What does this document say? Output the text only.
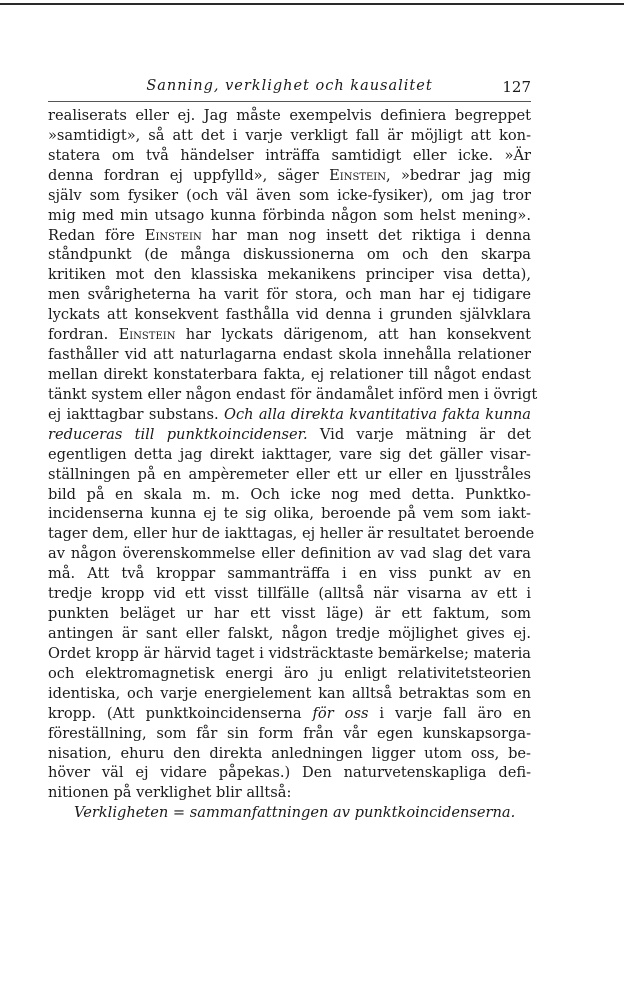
Sanning, verklighet och kausalitet	127
realiserats eller ej. Jag måste exempelvis definiera begreppet
»samtidigt», så att det i varje verkligt fall är möjligt att kon-
statera om två händelser inträffa samtidigt eller icke. »Är
denna fordran ej uppfylld», säger Einstein, »bedrar jag mig
själv som fysiker (och väl även som icke-fysiker), om jag tror
mig med min utsago kunna förbinda någon som helst mening».
Redan före Einstein har man nog insett det riktiga i denna
ståndpunkt (de många diskussionerna om och den skarpa
kritiken mot den klassiska mekanikens principer visa detta),
men svårigheterna ha varit för stora, och man har ej tidigare
lyckats att konsekvent fasthålla vid denna i grunden självklara
fordran. Einstein har lyckats därigenom, att han konsekvent
fasthåller vid att naturlagarna endast skola innehålla relationer
mellan direkt konstaterbara fakta, ej relationer till något endast
tänkt system eller någon endast för ändamålet införd men i övrigt
ej iakttagbar substans. Och alla direkta kvantitativa fakta kunna
reduceras till punktkoincidenser. Vid varje mätning är det
egentligen detta jag direkt iakttager, vare sig det gäller visar-
ställningen på en ampèremeter eller ett ur eller en ljusstråles
bild på en skala m. m. Och icke nog med detta. Punktko-
incidenserna kunna ej te sig olika, beroende på vem som iakt-
tager dem, eller hur de iakttagas, ej heller är resultatet beroende
av någon överenskommelse eller definition av vad slag det vara
må. Att två kroppar sammanträffa i en viss punkt av en
tredje kropp vid ett visst tillfälle (alltså när visarna av ett i
punkten beläget ur har ett visst läge) är ett faktum, som
antingen är sant eller falskt, någon tredje möjlighet gives ej.
Ordet kropp är härvid taget i vidsträcktaste bemärkelse; materia
och elektromagnetisk energi äro ju enligt relativitetsteorien
identiska, och varje energielement kan alltså betraktas som en
kropp. (Att punktkoincidenserna för oss i varje fall äro en
föreställning, som får sin form från vår egen kunskapsorga-
nisation, ehuru den direkta anledningen ligger utom oss, be-
höver väl ej vidare påpekas.) Den naturvetenskapliga defi-
nitionen på verklighet blir alltså:
Verkligheten = sammanfattningen av punktkoincidenserna.
